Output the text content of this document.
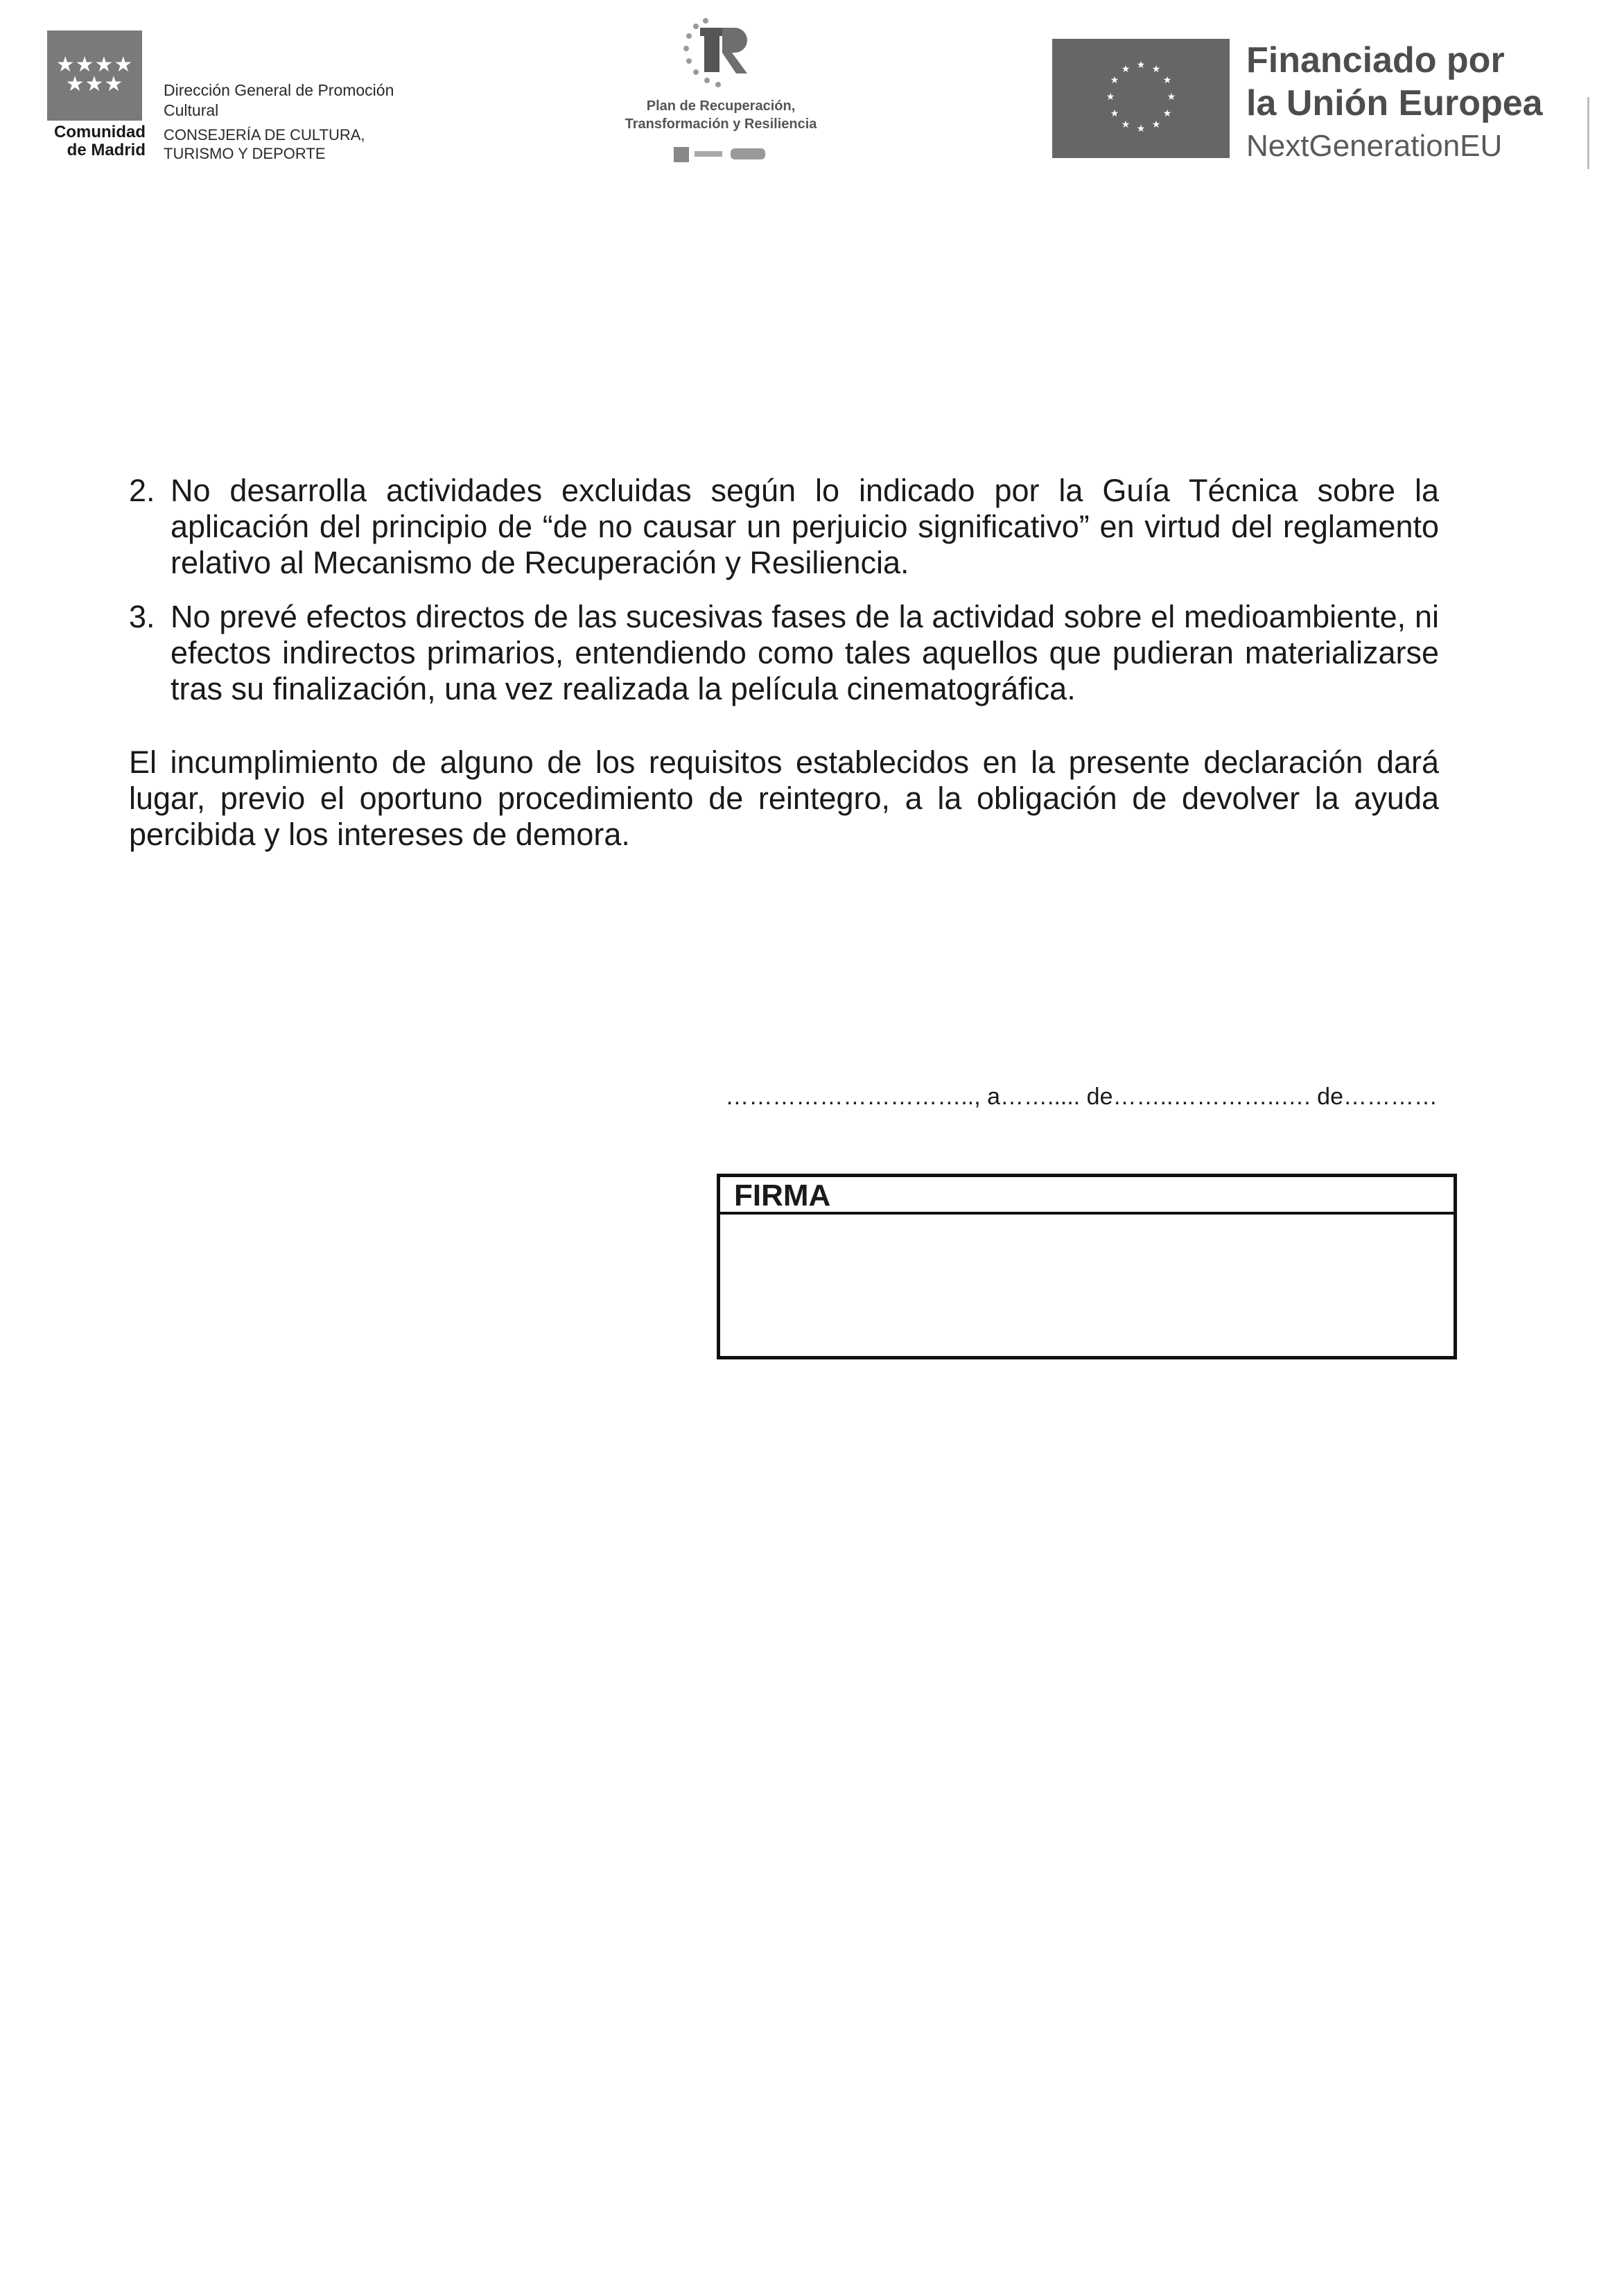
★★★★
★★★
Comunidad
de Madrid
Dirección General de Promoción
Cultural
CONSEJERÍA DE CULTURA,
TURISMO Y DEPORTE
Plan de Recuperación,
Transformación y Resiliencia
★ ★
★
★
★
★
★
★
★
★
★
★	Financiado por
la Unión Europea
NextGenerationEU
2. No desarrolla actividades excluidas según lo indicado por la Guía Técnica sobre la aplicación del principio de “de no causar un perjuicio significativo” en virtud del reglamento relativo al Mecanismo de Recuperación y Resiliencia.
3. No prevé efectos directos de las sucesivas fases de la actividad sobre el medioambiente, ni efectos indirectos primarios, entendiendo como tales aquellos que pudieran materializarse tras su finalización, una vez realizada la película cinematográfica.

El incumplimiento de alguno de los requisitos establecidos en la presente declaración dará lugar, previo el oportuno procedimiento de reintegro, a la obligación de devolver la ayuda percibida y los intereses de demora.

………………………….., a……..... de……..…………..…. de…………
FIRMA
